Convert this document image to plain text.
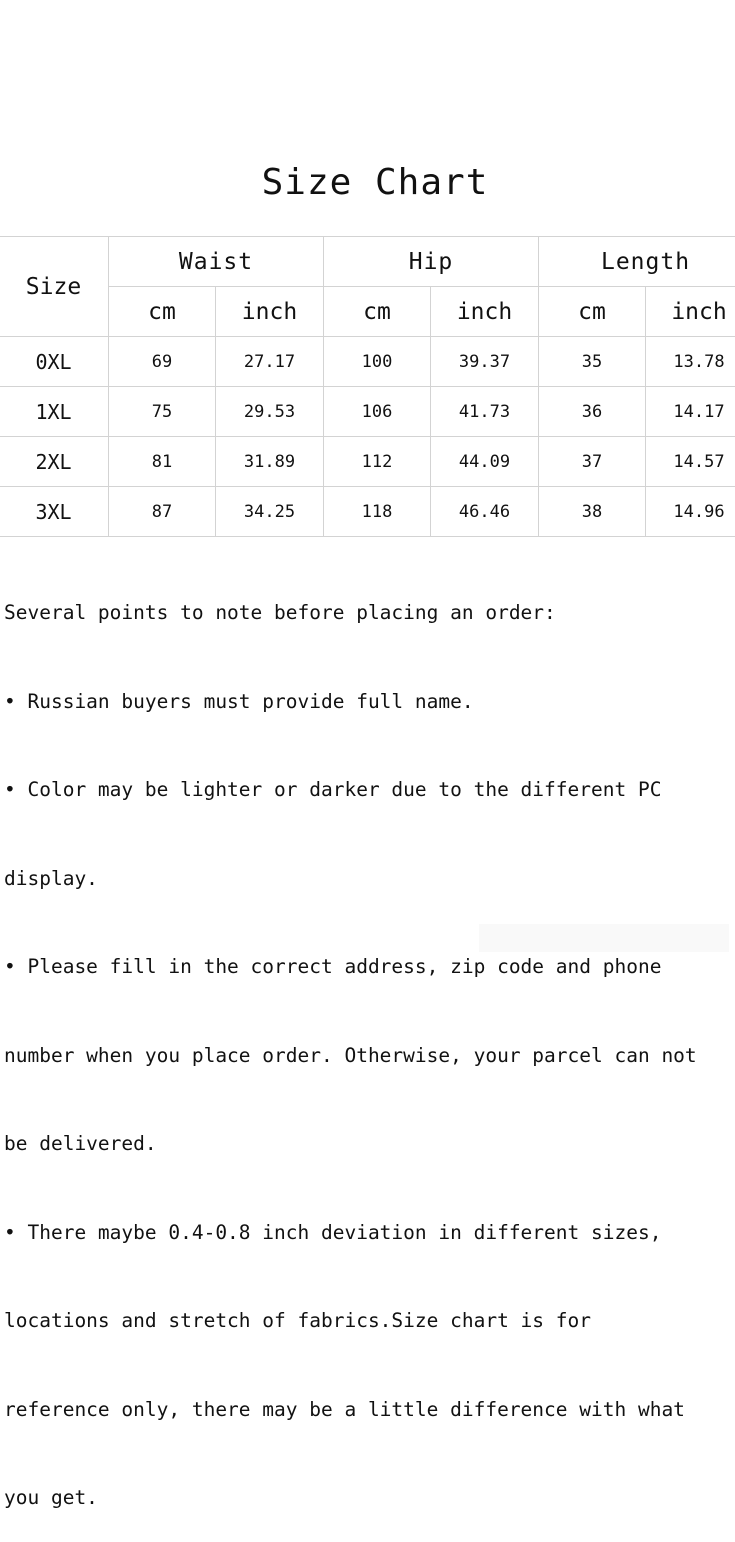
Size Chart
Size	Waist		Hip		Length	
	cm	inch	cm	inch	cm	inch
0XL	69	27.17	100	39.37	35	13.78
1XL	75	29.53	106	41.73	36	14.17
2XL	81	31.89	112	44.09	37	14.57
3XL	87	34.25	118	46.46	38	14.96

Several points to note before placing an order:

• Russian buyers must provide full name.

• Color may be lighter or darker due to the different PC

display.

• Please fill in the correct address, zip code and phone

number when you place order. Otherwise, your parcel can not

be delivered.

• There maybe 0.4-0.8 inch deviation in different sizes,

locations and stretch of fabrics.Size chart is for

reference only, there may be a little difference with what

you get.
